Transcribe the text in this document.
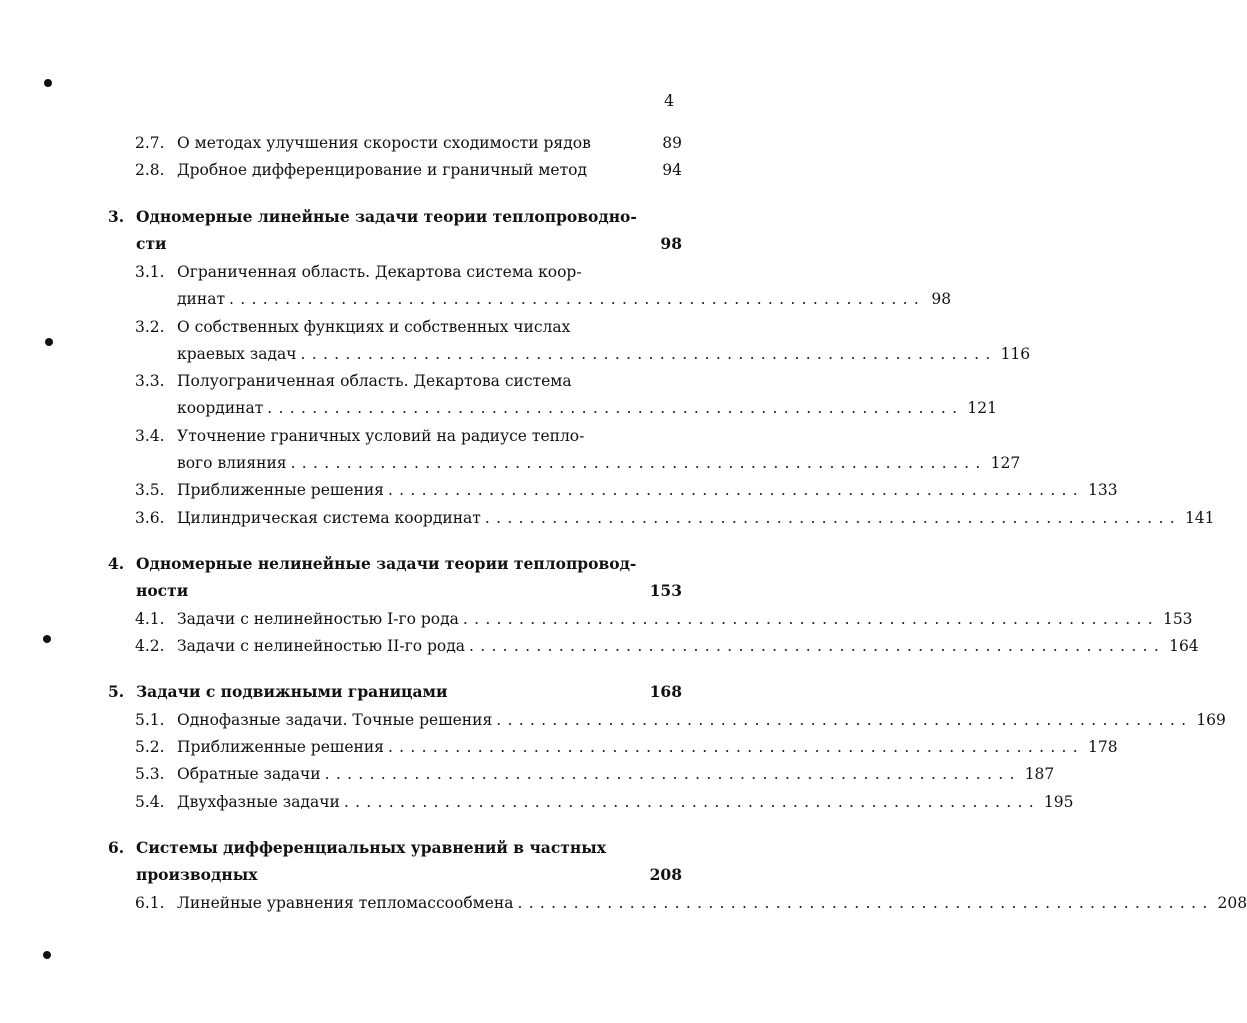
4
2.7. О методах улучшения скорости сходимости рядов	89
2.8. Дробное дифференцирование и граничный метод	94
3. Одномерные линейные задачи теории теплопроводно-
сти	98
3.1. Ограниченная область. Декартова система коор-
динат .............................................................. 98
3.2. О собственных функциях и собственных числах
краевых задач .............................................................. 116
3.3. Полуограниченная область. Декартова система
координат .............................................................. 121
3.4. Уточнение граничных условий на радиусе тепло-
вого влияния .............................................................. 127
3.5. Приближенные решения .............................................................. 133
3.6. Цилиндрическая система координат .............................................................. 141
4. Одномерные нелинейные задачи теории теплопровод-
ности	153
4.1. Задачи с нелинейностью I-го рода .............................................................. 153
4.2. Задачи с нелинейностью II-го рода .............................................................. 164
5. Задачи с подвижными границами	168
5.1. Однофазные задачи. Точные решения .............................................................. 169
5.2. Приближенные решения .............................................................. 178
5.3. Обратные задачи .............................................................. 187
5.4. Двухфазные задачи .............................................................. 195
6. Системы дифференциальных уравнений в частных
производных	208
6.1. Линейные уравнения тепломассообмена .............................................................. 208
